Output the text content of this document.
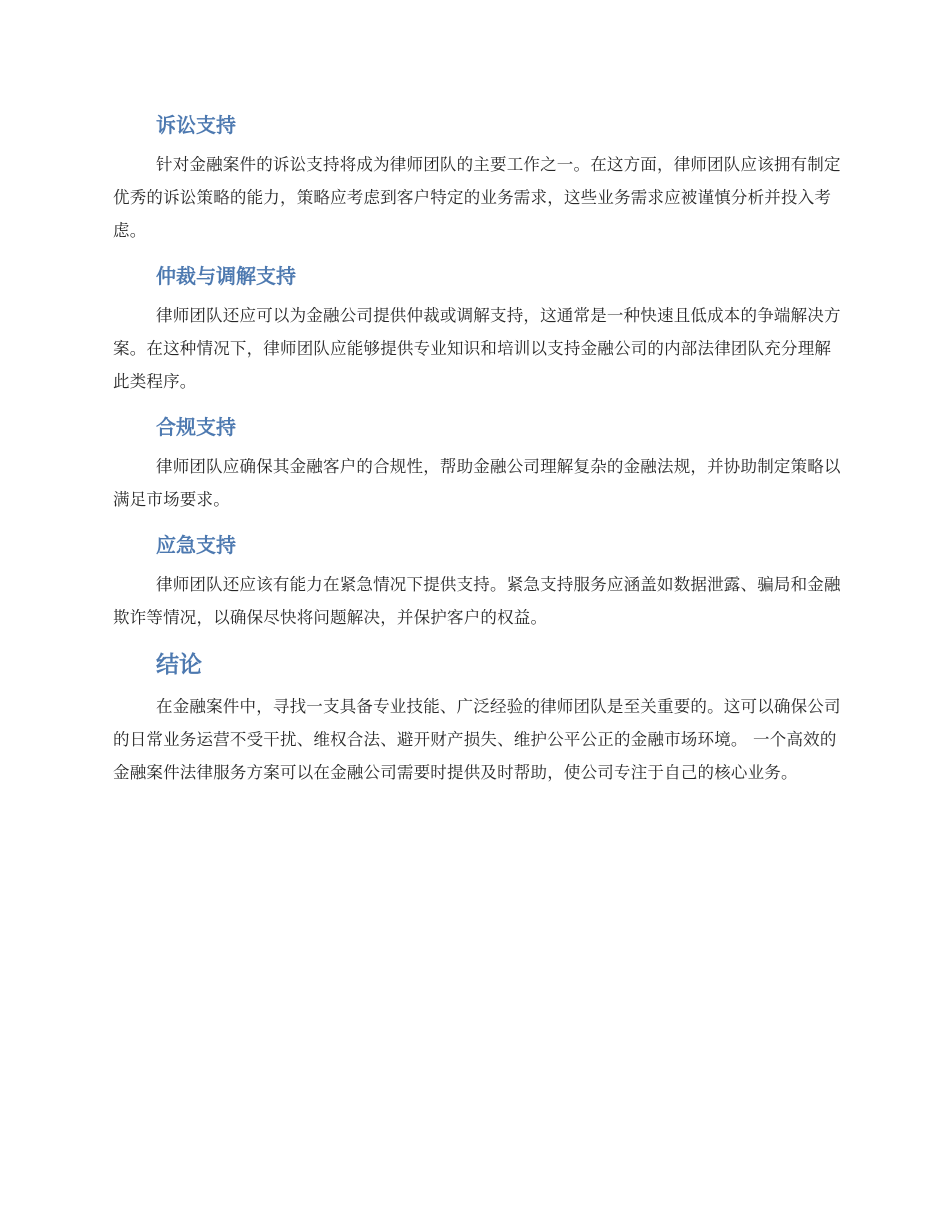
诉讼支持

针对金融案件的诉讼支持将成为律师团队的主要工作之一。在这方面，律师团队应该拥有制定优秀的诉讼策略的能力，策略应考虑到客户特定的业务需求，这些业务需求应被谨慎分析并投入考虑。

仲裁与调解支持

律师团队还应可以为金融公司提供仲裁或调解支持，这通常是一种快速且低成本的争端解决方案。在这种情况下，律师团队应能够提供专业知识和培训以支持金融公司的内部法律团队充分理解此类程序。

合规支持

律师团队应确保其金融客户的合规性，帮助金融公司理解复杂的金融法规，并协助制定策略以满足市场要求。

应急支持

律师团队还应该有能力在紧急情况下提供支持。紧急支持服务应涵盖如数据泄露、骗局和金融欺诈等情况，以确保尽快将问题解决，并保护客户的权益。

结论

在金融案件中，寻找一支具备专业技能、广泛经验的律师团队是至关重要的。这可以确保公司的日常业务运营不受干扰、维权合法、避开财产损失、维护公平公正的金融市场环境。 一个高效的金融案件法律服务方案可以在金融公司需要时提供及时帮助，使公司专注于自己的核心业务。
